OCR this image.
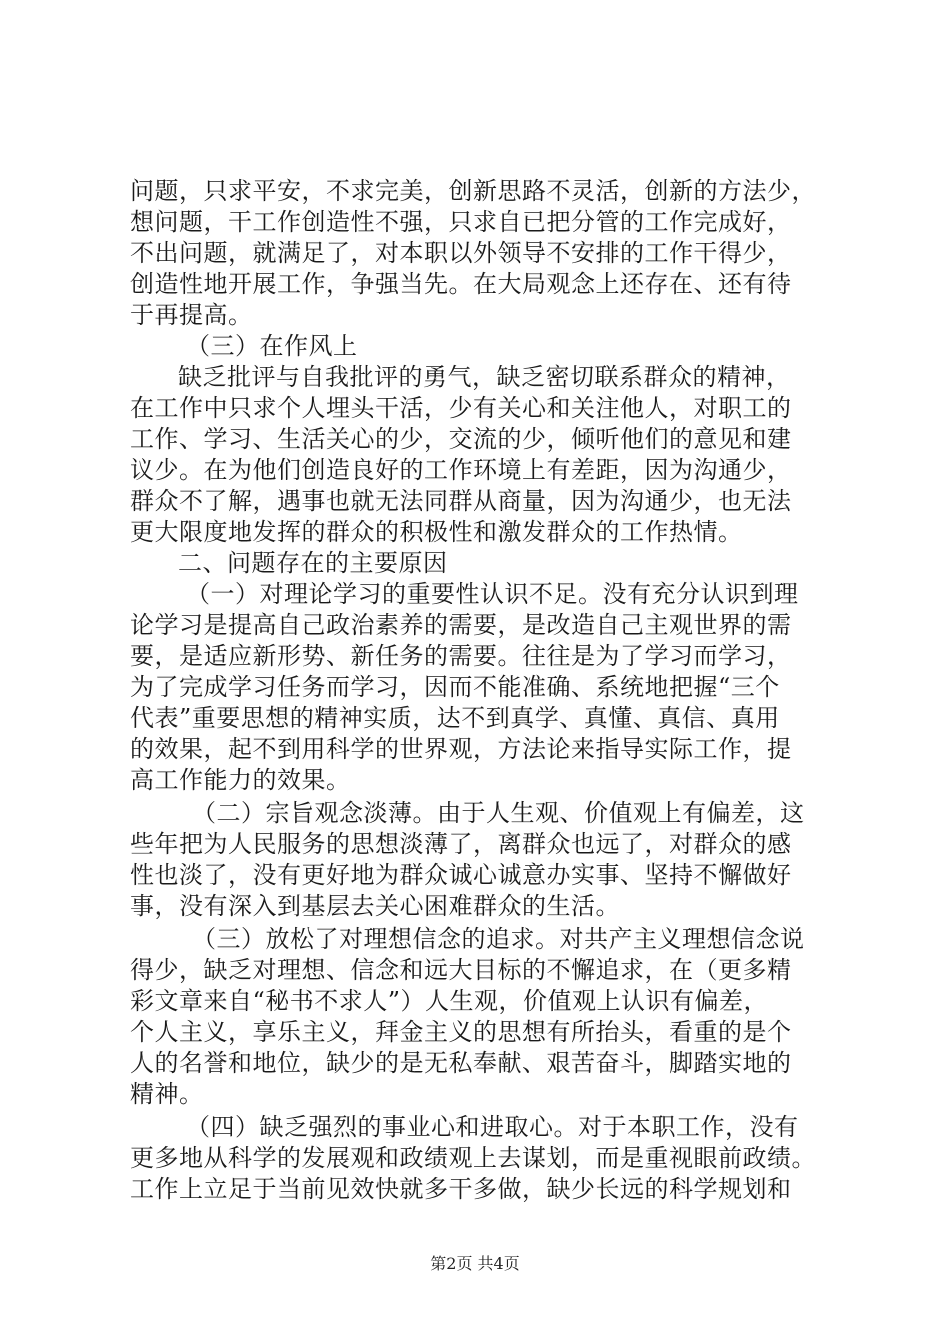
问题，只求平安，不求完美，创新思路不灵活，创新的方法少，
想问题，干工作创造性不强，只求自已把分管的工作完成好，
不出问题，就满足了，对本职以外领导不安排的工作干得少，
创造性地开展工作，争强当先。在大局观念上还存在、还有待
于再提高。
（三）在作风上
缺乏批评与自我批评的勇气，缺乏密切联系群众的精神，
在工作中只求个人埋头干活，少有关心和关注他人，对职工的
工作、学习、生活关心的少，交流的少，倾听他们的意见和建
议少。在为他们创造良好的工作环境上有差距，因为沟通少，
群众不了解，遇事也就无法同群从商量，因为沟通少，也无法
更大限度地发挥的群众的积极性和激发群众的工作热情。
二、问题存在的主要原因
（一）对理论学习的重要性认识不足。没有充分认识到理
论学习是提高自己政治素养的需要，是改造自己主观世界的需
要，是适应新形势、新任务的需要。往往是为了学习而学习，
为了完成学习任务而学习，因而不能准确、系统地把握“三个
代表”重要思想的精神实质，达不到真学、真懂、真信、真用
的效果，起不到用科学的世界观，方法论来指导实际工作，提
高工作能力的效果。
（二）宗旨观念淡薄。由于人生观、价值观上有偏差，这
些年把为人民服务的思想淡薄了，离群众也远了，对群众的感
性也淡了，没有更好地为群众诚心诚意办实事、坚持不懈做好
事，没有深入到基层去关心困难群众的生活。
（三）放松了对理想信念的追求。对共产主义理想信念说
得少，缺乏对理想、信念和远大目标的不懈追求，在（更多精
彩文章来自“秘书不求人”）人生观，价值观上认识有偏差，
个人主义，享乐主义，拜金主义的思想有所抬头，看重的是个
人的名誉和地位，缺少的是无私奉献、艰苦奋斗，脚踏实地的
精神。
（四）缺乏强烈的事业心和进取心。对于本职工作，没有
更多地从科学的发展观和政绩观上去谋划，而是重视眼前政绩。
工作上立足于当前见效快就多干多做，缺少长远的科学规划和
第2页 共4页
